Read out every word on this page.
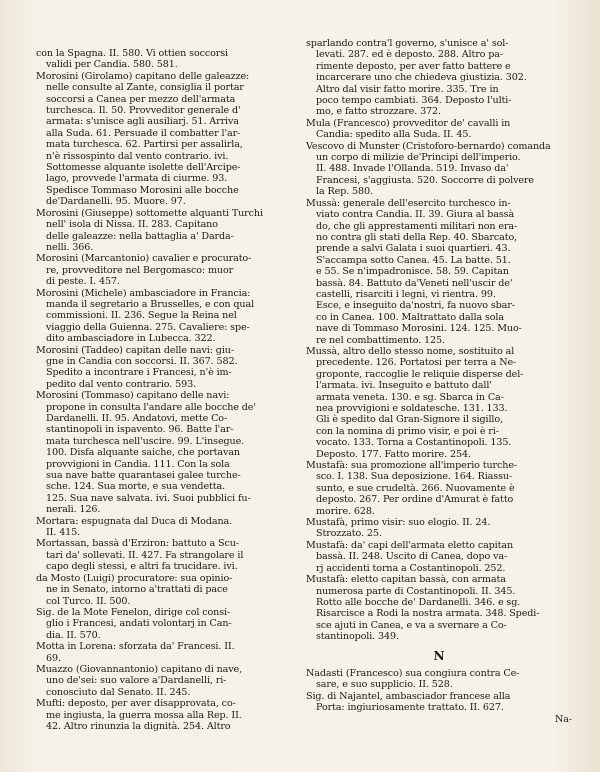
con la Spagna. II. 580. Vi ottien soccorsi
validi per Candia. 580. 581.
Morosini (Girolamo) capitano delle galeazze:
nelle consulte al Zante, consiglia il portar
soccorsi a Canea per mezzo dell'armata
turchesca. Il. 50. Provveditor generale d'
armata: s'unisce agli ausiliarj. 51. Arriva
alla Suda. 61. Persuade il combatter l'ar-
mata turchesca. 62. Partirsi per assalirla,
n'è rissospinto dal vento contrario. ivi.
Sottomesse alquante isolette dell'Arcipe-
lago, provvede l'armata di ciurme. 93.
Spedisce Tommaso Morosini alle bocche
de'Dardanelli. 95. Muore. 97.
Morosini (Giuseppe) sottomette alquanti Turchi
nell' isola di Nissa. II. 283. Capitano
delle galeazze: nella battaglia a' Darda-
nelli. 366.
Morosini (Marcantonio) cavalier e procurato-
re, provveditore nel Bergomasco: muor
di peste. I. 457.
Morosini (Michele) ambasciadore in Francia:
manda il segretario a Brusselles, e con qual
commissioni. II. 236. Segue la Reina nel
viaggio della Guienna. 275. Cavaliere: spe-
dito ambasciadore in Lubecca. 322.
Morosini (Taddeo) capitan delle navi: giu-
gne in Candia con soccorsi. II. 367. 582.
Spedito a incontrare i Francesi, n'è im-
pedito dal vento contrario. 593.
Morosini (Tommaso) capitano delle navi:
propone in consulta l'andare alle bocche de'
Dardanelli. II. 95. Andatovi, mette Co-
stantinopoli in ispavento. 96. Batte l'ar-
mata turchesca nell'uscire. 99. L'insegue.
100. Disfa alquante saiche, che portavan
provvigioni in Candia. 111. Con la sola
sua nave batte quarantasei galee turche-
sche. 124. Sua morte, e sua vendetta.
125. Sua nave salvata. ivi. Suoi pubblici fu-
nerali. 126.
Mortara: espugnata dal Duca di Modana.
II. 415.
Mortassan, bassà d'Erziron: battuto a Scu-
tari da' sollevati. II. 427. Fa strangolare il
capo degli stessi, e altri fa trucidare. ivi.
da Mosto (Luigi) procuratore: sua opinio-
ne in Senato, intorno a'trattati di pace
col Turco. II. 500.
Sig. de la Mote Fenelon, dirige col consi-
glio i Francesi, andati volontarj in Can-
dia. II. 570.
Motta in Lorena: sforzata da' Francesi. II.
69.
Muazzo (Giovannantonio) capitano di nave,
uno de'sei: suo valore a'Dardanelli, ri-
conosciuto dal Senato. II. 245.
Mufti: deposto, per aver disapprovata, co-
me ingiusta, la guerra mossa alla Rep. II.
42. Altro rinunzia la dignità. 254. Altro
sparlando contra'l governo, s'unisce a' sol-
levati. 287. ed è deposto. 288. Altro pa-
rimente deposto, per aver fatto battere e
incarcerare uno che chiedeva giustizia. 302.
Altro dal visir fatto morire. 335. Tre in
poco tempo cambiati. 364. Deposto l'ulti-
mo, e fatto strozzare. 372.
Mula (Francesco) provveditor de' cavalli in
Candia: spedito alla Suda. II. 45.
Vescovo di Munster (Cristoforo-bernardo) comanda
un corpo di milizie de'Principi dell'imperio.
II. 488. Invade l'Ollanda. 519. Invaso da'
Francesi, s'aggiusta. 520. Soccorre di polvere
la Rep. 580.
Mussà: generale dell'esercito turchesco in-
viato contra Candia. II. 39. Giura al bassà
do, che gli apprestamenti militari non era-
no contra gli stati della Rep. 40. Sbarcato,
prende a salvi Galata i suoi quartieri. 43.
S'accampa sotto Canea. 45. La batte. 51.
e 55. Se n'impadronisce. 58. 59. Capitan
bassà. 84. Battuto da'Veneti nell'uscir de'
castelli, risarciti i legni, vi rientra. 99.
Esce, e inseguito da'nostri, fa nuovo sbar-
co in Canea. 100. Maltrattato dalla sola
nave di Tommaso Morosini. 124. 125. Muo-
re nel combattimento. 125.
Mussà, altro dello stesso nome, sostituito al
precedente. 126. Portatosi per terra a Ne-
groponte, raccoglie le reliquie disperse del-
l'armata. ivi. Inseguito e battuto dall'
armata veneta. 130. e sg. Sbarca in Ca-
nea provvigioni e soldatesche. 131. 133.
Gli è spedito dal Gran-Signore il sigillo,
con la nomina di primo visir, e poi è ri-
vocato. 133. Torna a Costantinopoli. 135.
Deposto. 177. Fatto morire. 254.
Mustafà: sua promozione all'imperio turche-
sco. I. 138. Sua deposizione. 164. Riassu-
sunto, e sue crudeltà. 266. Nuovamente è
deposto. 267. Per ordine d'Amurat è fatto
morire. 628.
Mustafà, primo visir: suo elogio. II. 24.
Strozzato. 25.
Mustafà: da' capi dell'armata eletto capitan
bassà. II. 248. Uscito di Canea, dopo va-
rj accidenti torna a Costantinopoli. 252.
Mustafà: eletto capitan bassà, con armata
numerosa parte di Costantinopoli. II. 345.
Rotto alle bocche de' Dardanelli. 346. e sg.
Risarcisce a Rodi la nostra armata. 348. Spedi-
sce ajuti in Canea, e va a svernare a Co-
stantinopoli. 349.
N
Nadasti (Francesco) sua congiura contra Ce-
sare, e suo supplicio. II. 528.
Sig. di Najantel, ambasciador francese alla
Porta: ingiuriosamente trattato. II. 627.
Na-
